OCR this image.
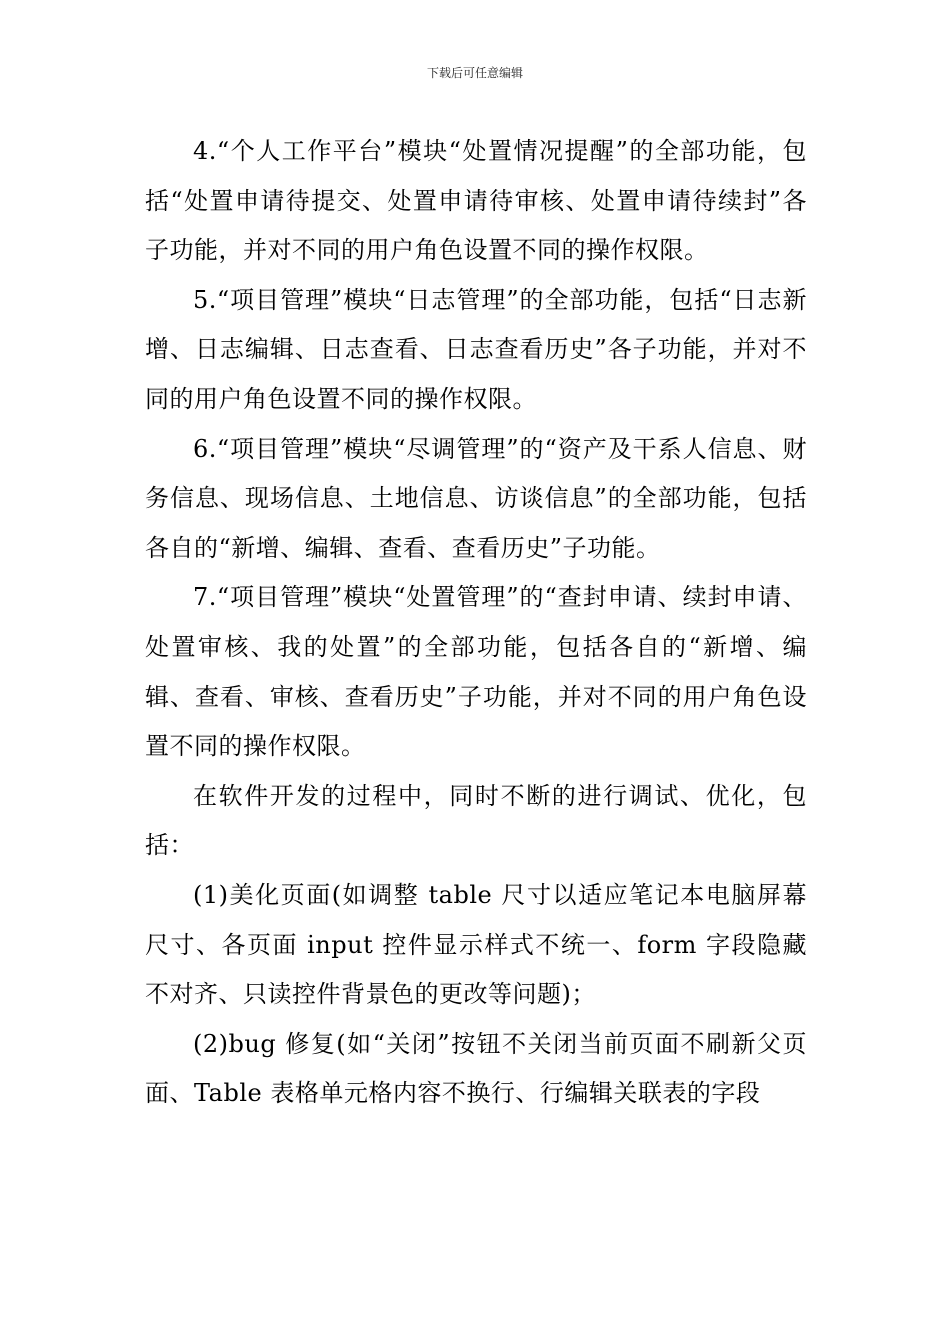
下载后可任意编辑

4.“个人工作平台”模块“处置情况提醒”的全部功能，包括“处置申请待提交、处置申请待审核、处置申请待续封”各子功能，并对不同的用户角色设置不同的操作权限。

5.“项目管理”模块“日志管理”的全部功能，包括“日志新增、日志编辑、日志查看、日志查看历史”各子功能，并对不同的用户角色设置不同的操作权限。

6.“项目管理”模块“尽调管理”的“资产及干系人信息、财务信息、现场信息、土地信息、访谈信息”的全部功能，包括各自的“新增、编辑、查看、查看历史”子功能。

7.“项目管理”模块“处置管理”的“查封申请、续封申请、处置审核、我的处置”的全部功能，包括各自的“新增、编辑、查看、审核、查看历史”子功能，并对不同的用户角色设置不同的操作权限。

在软件开发的过程中，同时不断的进行调试、优化，包括：

(1)美化页面(如调整 table 尺寸以适应笔记本电脑屏幕尺寸、各页面 input 控件显示样式不统一、form 字段隐藏不对齐、只读控件背景色的更改等问题)；

(2)bug 修复(如“关闭”按钮不关闭当前页面不刷新父页面、Table 表格单元格内容不换行、行编辑关联表的字段
